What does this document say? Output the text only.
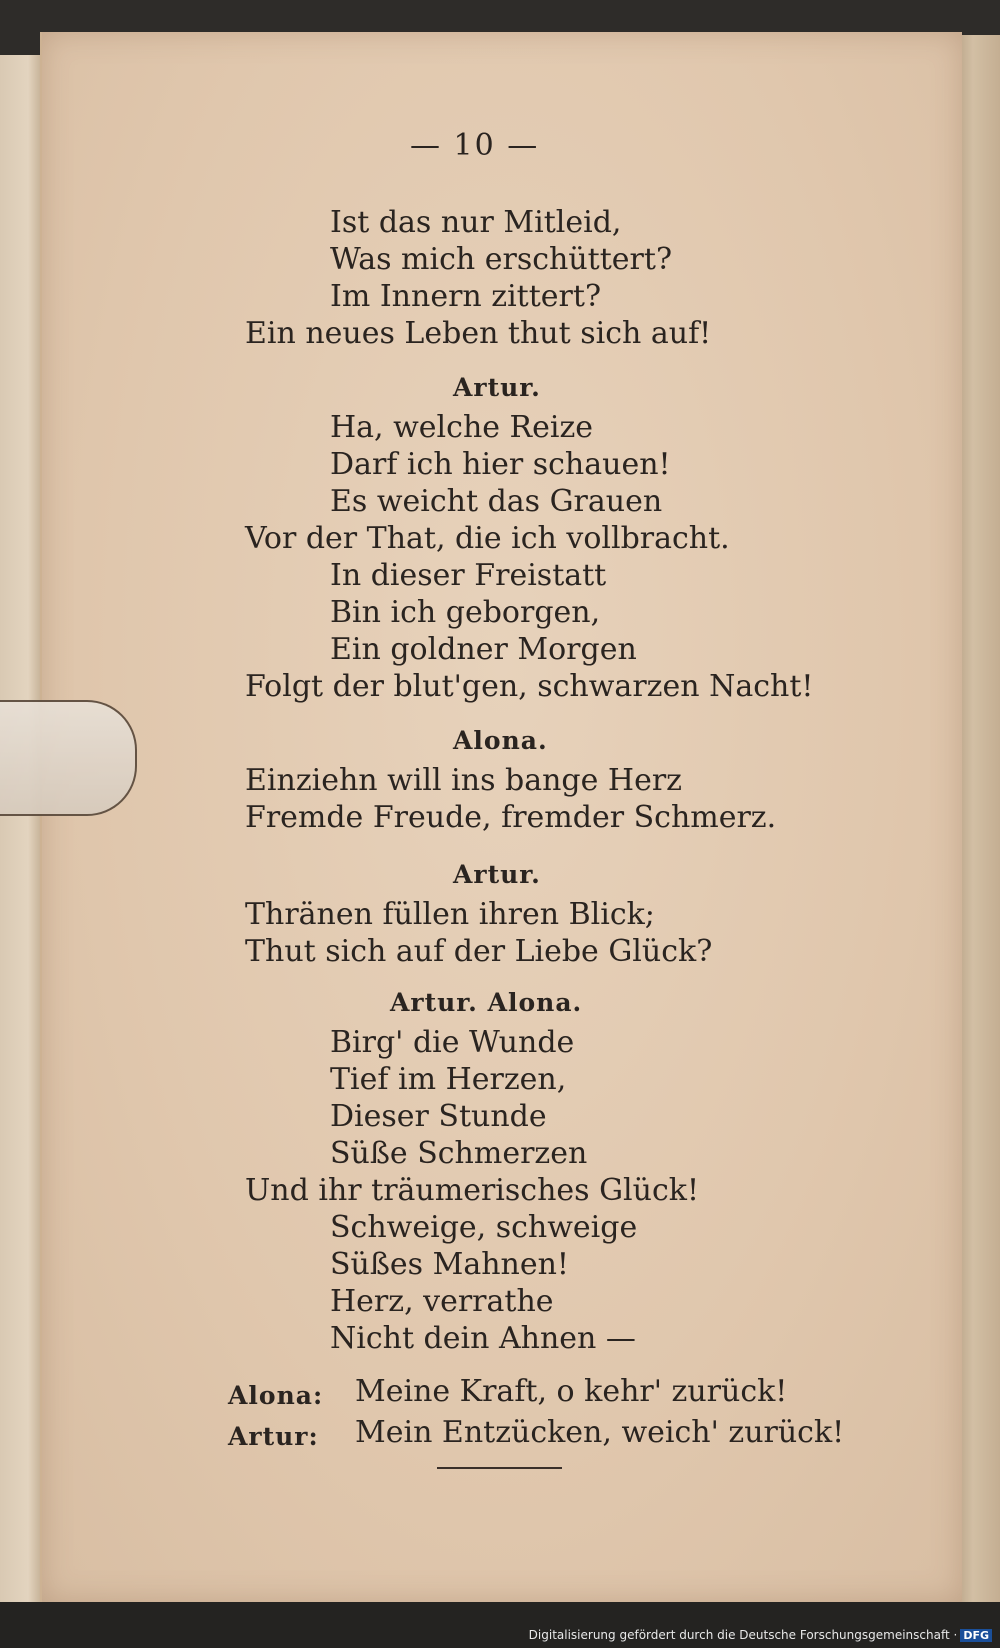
— 10 —
Ist das nur Mitleid,
Was mich erschüttert?
Im Innern zittert?
Ein neues Leben thut sich auf!
Artur.
Ha, welche Reize
Darf ich hier schauen!
Es weicht das Grauen
Vor der That, die ich vollbracht.
In dieser Freistatt
Bin ich geborgen,
Ein goldner Morgen
Folgt der blut'gen, schwarzen Nacht!
Alona.
Einziehn will ins bange Herz
Fremde Freude, fremder Schmerz.
Artur.
Thränen füllen ihren Blick;
Thut sich auf der Liebe Glück?
Artur. Alona.
Birg' die Wunde
Tief im Herzen,
Dieser Stunde
Süße Schmerzen
Und ihr träumerisches Glück!
Schweige, schweige
Süßes Mahnen!
Herz, verrathe
Nicht dein Ahnen —
Alona: Meine Kraft, o kehr' zurück!
Artur: Mein Entzücken, weich' zurück!
Digitalisierung gefördert durch die Deutsche Forschungsgemeinschaft · DFG
